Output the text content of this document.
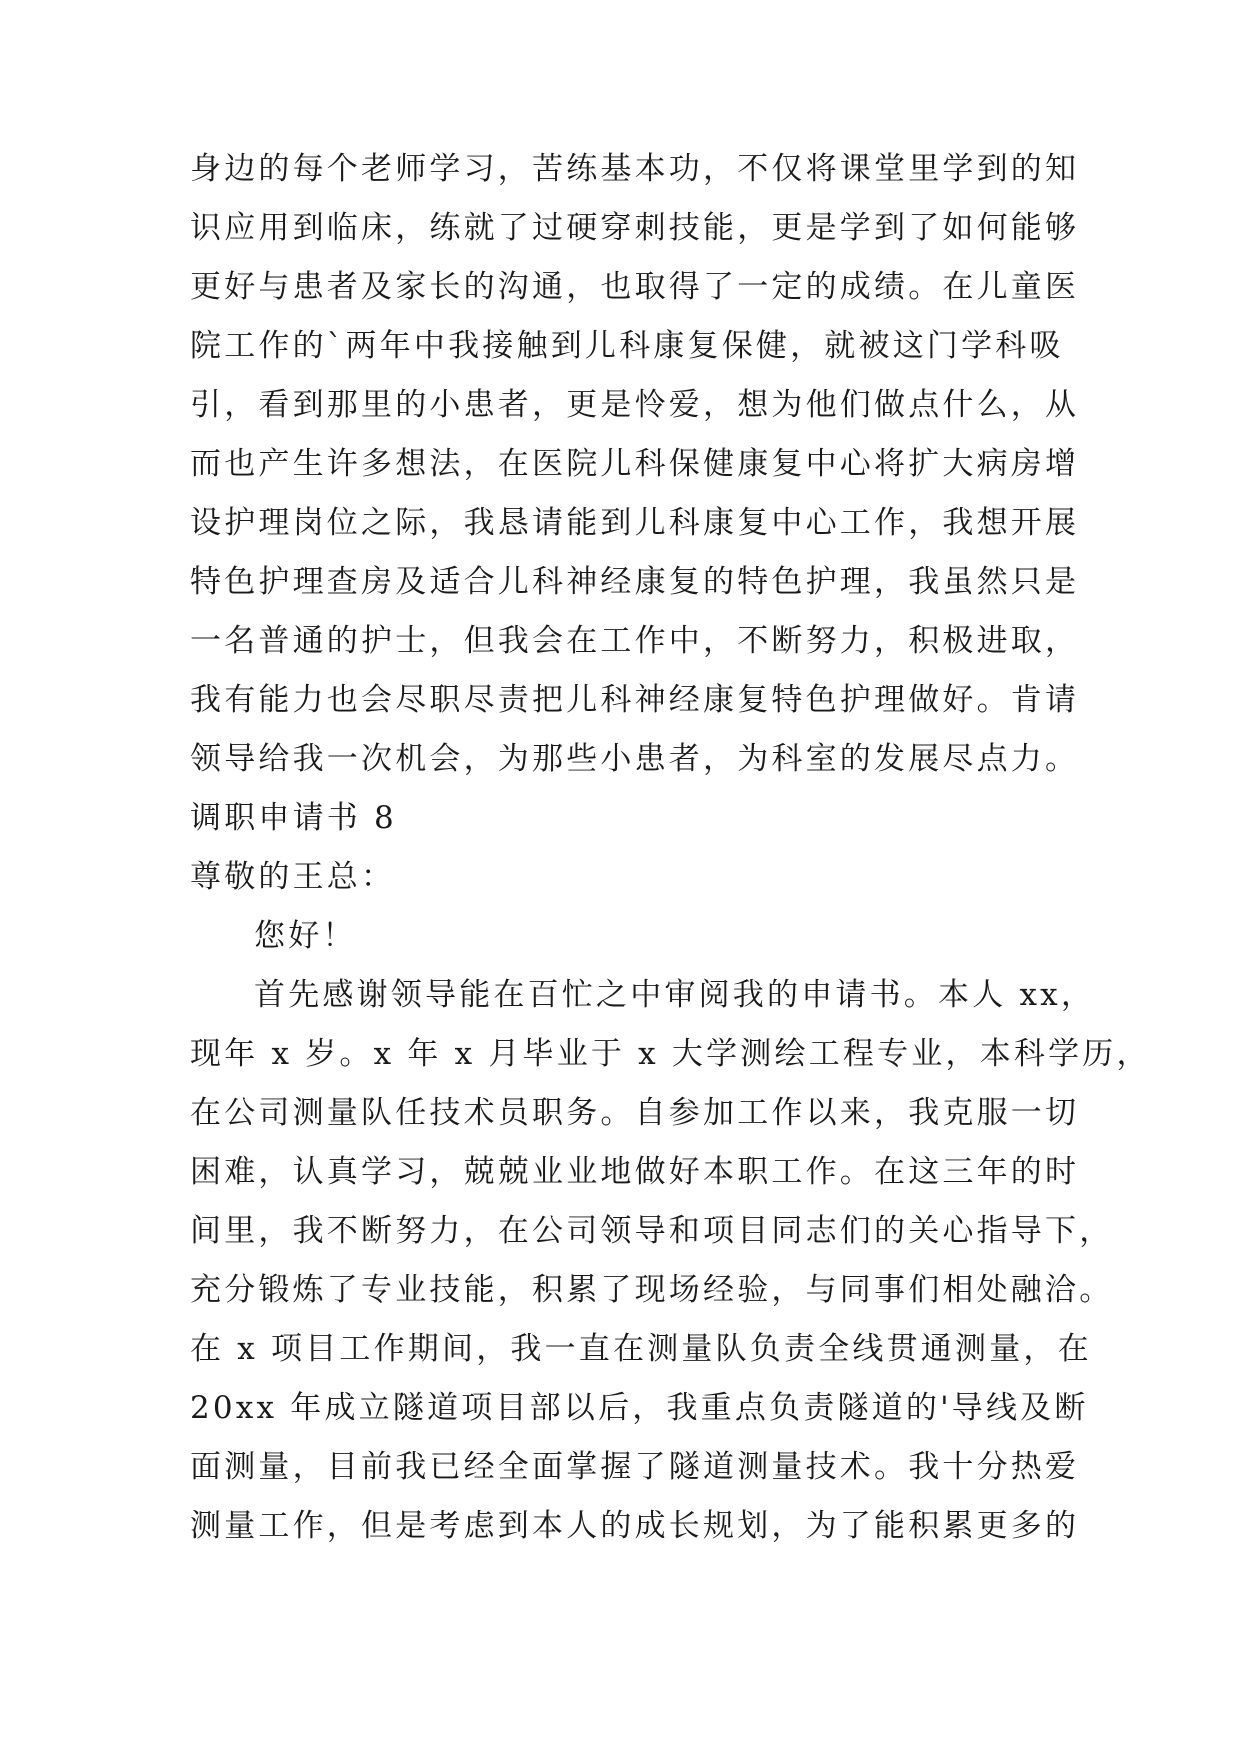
身边的每个老师学习，苦练基本功，不仅将课堂里学到的知
识应用到临床，练就了过硬穿刺技能，更是学到了如何能够
更好与患者及家长的沟通，也取得了一定的成绩。在儿童医
院工作的`两年中我接触到儿科康复保健，就被这门学科吸
引，看到那里的小患者，更是怜爱，想为他们做点什么，从
而也产生许多想法，在医院儿科保健康复中心将扩大病房增
设护理岗位之际，我恳请能到儿科康复中心工作，我想开展
特色护理查房及适合儿科神经康复的特色护理，我虽然只是
一名普通的护士，但我会在工作中，不断努力，积极进取，
我有能力也会尽职尽责把儿科神经康复特色护理做好。肯请
领导给我一次机会，为那些小患者，为科室的发展尽点力。
调职申请书 8
尊敬的王总：
您好！
首先感谢领导能在百忙之中审阅我的申请书。本人 xx，
现年 x 岁。x 年 x 月毕业于 x 大学测绘工程专业，本科学历，
在公司测量队任技术员职务。自参加工作以来，我克服一切
困难，认真学习，兢兢业业地做好本职工作。在这三年的时
间里，我不断努力，在公司领导和项目同志们的关心指导下，
充分锻炼了专业技能，积累了现场经验，与同事们相处融洽。
在 x 项目工作期间，我一直在测量队负责全线贯通测量，在
20xx 年成立隧道项目部以后，我重点负责隧道的'导线及断
面测量，目前我已经全面掌握了隧道测量技术。我十分热爱
测量工作，但是考虑到本人的成长规划，为了能积累更多的
